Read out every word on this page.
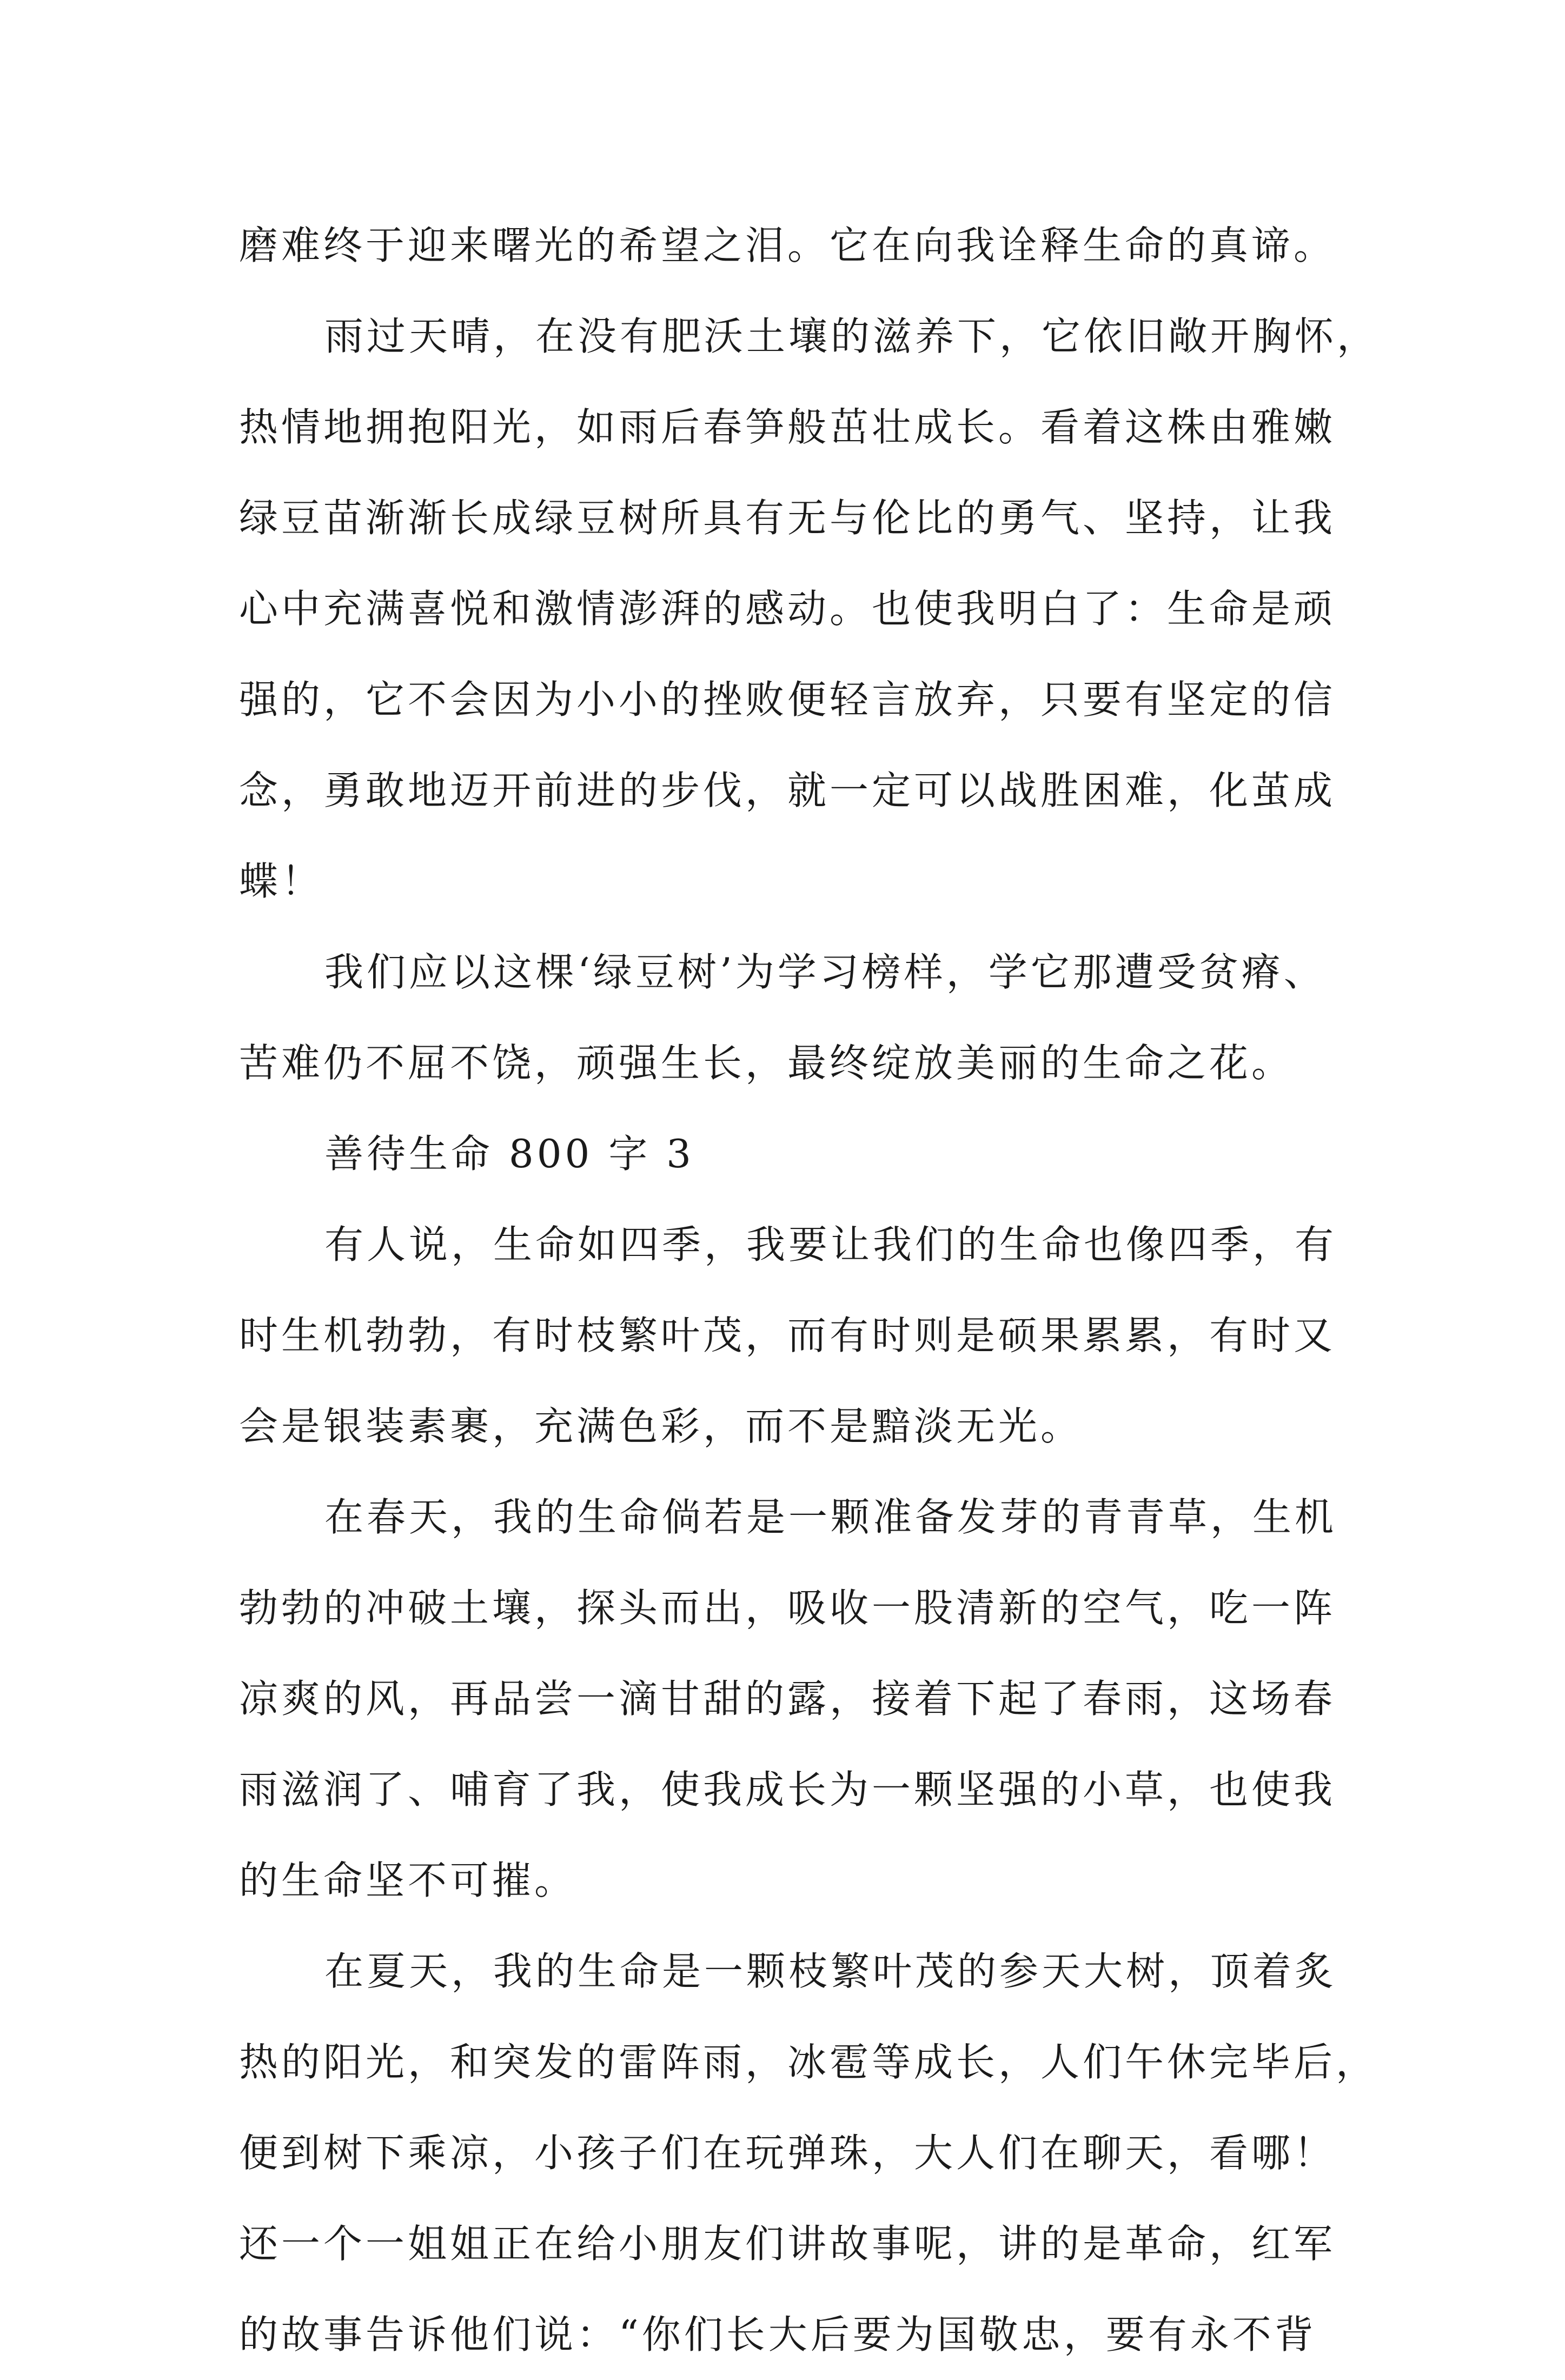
磨难终于迎来曙光的希望之泪。它在向我诠释生命的真谛。
雨过天晴，在没有肥沃土壤的滋养下，它依旧敞开胸怀，
热情地拥抱阳光，如雨后春笋般茁壮成长。看着这株由雅嫩
绿豆苗渐渐长成绿豆树所具有无与伦比的勇气、坚持，让我
心中充满喜悦和激情澎湃的感动。也使我明白了：生命是顽
强的，它不会因为小小的挫败便轻言放弃，只要有坚定的信
念，勇敢地迈开前进的步伐，就一定可以战胜困难，化茧成
蝶！
我们应以这棵‘绿豆树’为学习榜样，学它那遭受贫瘠、
苦难仍不屈不饶，顽强生长，最终绽放美丽的生命之花。
善待生命 800 字 3
有人说，生命如四季，我要让我们的生命也像四季，有
时生机勃勃，有时枝繁叶茂，而有时则是硕果累累，有时又
会是银装素裹，充满色彩，而不是黯淡无光。
在春天，我的生命倘若是一颗准备发芽的青青草，生机
勃勃的冲破土壤，探头而出，吸收一股清新的空气，吃一阵
凉爽的风，再品尝一滴甘甜的露，接着下起了春雨，这场春
雨滋润了、哺育了我，使我成长为一颗坚强的小草，也使我
的生命坚不可摧。
在夏天，我的生命是一颗枝繁叶茂的参天大树，顶着炙
热的阳光，和突发的雷阵雨，冰雹等成长，人们午休完毕后，
便到树下乘凉，小孩子们在玩弹珠，大人们在聊天，看哪！
还一个一姐姐正在给小朋友们讲故事呢，讲的是革命，红军
的故事告诉他们说：“你们长大后要为国敬忠，要有永不背
